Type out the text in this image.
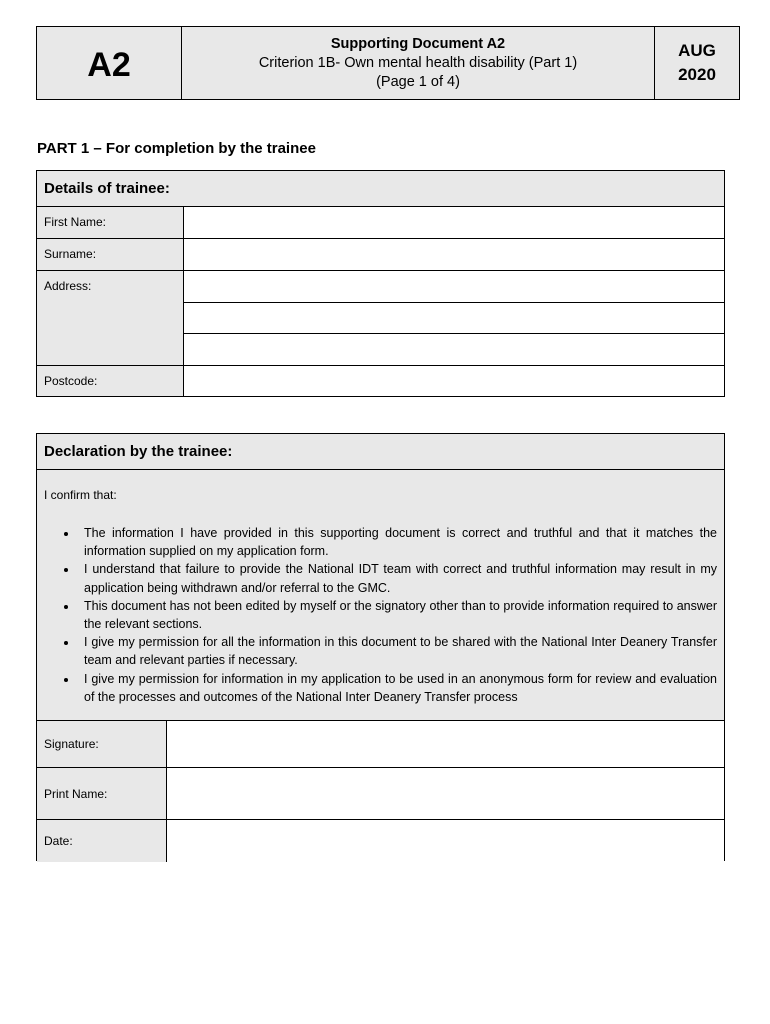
A2
Supporting Document A2
Criterion 1B- Own mental health disability (Part 1)
(Page 1 of 4)
AUG
2020
PART 1 – For completion by the trainee
Details of trainee:
First Name:
Surname:
Address:
Postcode:
Declaration by the trainee:
I confirm that:
• The information I have provided in this supporting document is correct and truthful and that it matches the information supplied on my application form.
• I understand that failure to provide the National IDT team with correct and truthful information may result in my application being withdrawn and/or referral to the GMC.
• This document has not been edited by myself or the signatory other than to provide information required to answer the relevant sections.
• I give my permission for all the information in this document to be shared with the National Inter Deanery Transfer team and relevant parties if necessary.
• I give my permission for information in my application to be used in an anonymous form for review and evaluation of the processes and outcomes of the National Inter Deanery Transfer process
Signature:
Print Name:
Date:
